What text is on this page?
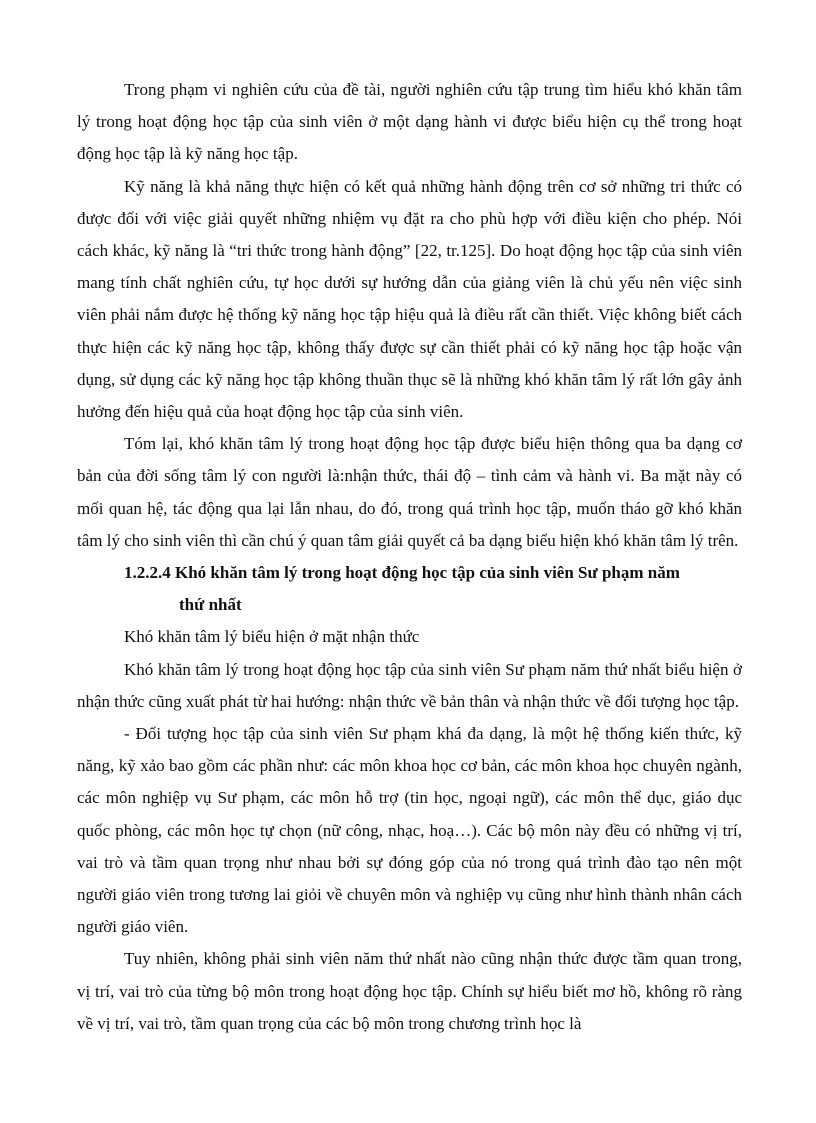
Trong phạm vi nghiên cứu của đề tài, người nghiên cứu tập trung tìm hiểu khó khăn tâm lý trong hoạt động học tập của sinh viên ở một dạng hành vi được biểu hiện cụ thể trong hoạt động học tập là kỹ năng học tập.

Kỹ năng là khả năng thực hiện có kết quả những hành động trên cơ sở những tri thức có được đối với việc giải quyết những nhiệm vụ đặt ra cho phù hợp với điều kiện cho phép. Nói cách khác, kỹ năng là “tri thức trong hành động” [22, tr.125]. Do hoạt động học tập của sinh viên mang tính chất nghiên cứu, tự học dưới sự hướng dẫn của giảng viên là chủ yếu nên việc sinh viên phải nắm được hệ thống kỹ năng học tập hiệu quả là điều rất cần thiết. Việc không biết cách thực hiện các kỹ năng học tập, không thấy được sự cần thiết phải có kỹ năng học tập hoặc vận dụng, sử dụng các kỹ năng học tập không thuần thục sẽ là những khó khăn tâm lý rất lớn gây ảnh hưởng đến hiệu quả của hoạt động học tập của sinh viên.

Tóm lại, khó khăn tâm lý trong hoạt động học tập được biểu hiện thông qua ba dạng cơ bản của đời sống tâm lý con người là:nhận thức, thái độ – tình cảm và hành vi. Ba mặt này có mối quan hệ, tác động qua lại lẫn nhau, do đó, trong quá trình học tập, muốn tháo gỡ khó khăn tâm lý cho sinh viên thì cần chú ý quan tâm giải quyết cả ba dạng biểu hiện khó khăn tâm lý trên.

1.2.2.4 Khó khăn tâm lý trong hoạt động học tập của sinh viên Sư phạm năm
thứ nhất

Khó khăn tâm lý biểu hiện ở mặt nhận thức

Khó khăn tâm lý trong hoạt động học tập của sinh viên Sư phạm năm thứ nhất biểu hiện ở nhận thức cũng xuất phát từ hai hướng: nhận thức về bản thân và nhận thức về đối tượng học tập.

- Đối tượng học tập của sinh viên Sư phạm khá đa dạng, là một hệ thống kiến thức, kỹ năng, kỹ xảo bao gồm các phần như: các môn khoa học cơ bản, các môn khoa học chuyên ngành, các môn nghiệp vụ Sư phạm, các môn hỗ trợ (tin học, ngoại ngữ), các môn thể dục, giáo dục quốc phòng, các môn học tự chọn (nữ công, nhạc, hoạ…). Các bộ môn này đều có những vị trí, vai trò và tầm quan trọng như nhau bởi sự đóng góp của nó trong quá trình đào tạo nên một người giáo viên trong tương lai giỏi về chuyên môn và nghiệp vụ cũng như hình thành nhân cách người giáo viên.

Tuy nhiên, không phải sinh viên năm thứ nhất nào cũng nhận thức được tầm quan trong, vị trí, vai trò của từng bộ môn trong hoạt động học tập. Chính sự hiểu biết mơ hồ, không rõ ràng về vị trí, vai trò, tầm quan trọng của các bộ môn trong chương trình học là
